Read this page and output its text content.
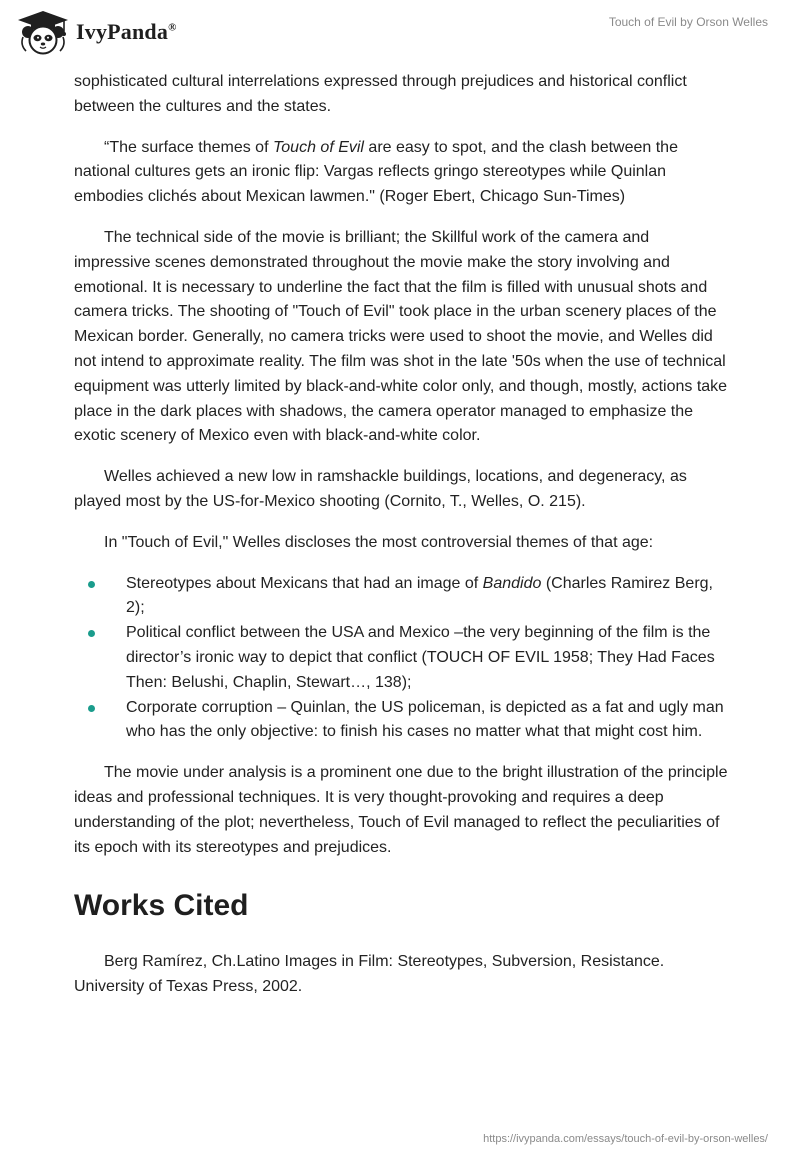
IvyPanda®	Touch of Evil by Orson Welles

sophisticated cultural interrelations expressed through prejudices and historical conflict between the cultures and the states.

“The surface themes of Touch of Evil are easy to spot, and the clash between the national cultures gets an ironic flip: Vargas reflects gringo stereotypes while Quinlan embodies clichés about Mexican lawmen." (Roger Ebert, Chicago Sun-Times)

The technical side of the movie is brilliant; the Skillful work of the camera and impressive scenes demonstrated throughout the movie make the story involving and emotional. It is necessary to underline the fact that the film is filled with unusual shots and camera tricks. The shooting of "Touch of Evil" took place in the urban scenery places of the Mexican border. Generally, no camera tricks were used to shoot the movie, and Welles did not intend to approximate reality. The film was shot in the late '50s when the use of technical equipment was utterly limited by black-and-white color only, and though, mostly, actions take place in the dark places with shadows, the camera operator managed to emphasize the exotic scenery of Mexico even with black-and-white color.

Welles achieved a new low in ramshackle buildings, locations, and degeneracy, as played most by the US-for-Mexico shooting (Cornito, T., Welles, O. 215).

In "Touch of Evil," Welles discloses the most controversial themes of that age:

Stereotypes about Mexicans that had an image of Bandido (Charles Ramirez Berg, 2);
Political conflict between the USA and Mexico –the very beginning of the film is the director’s ironic way to depict that conflict (TOUCH OF EVIL 1958; They Had Faces Then: Belushi, Chaplin, Stewart…, 138);
Corporate corruption – Quinlan, the US policeman, is depicted as a fat and ugly man who has the only objective: to finish his cases no matter what that might cost him.

The movie under analysis is a prominent one due to the bright illustration of the principle ideas and professional techniques. It is very thought-provoking and requires a deep understanding of the plot; nevertheless, Touch of Evil managed to reflect the peculiarities of its epoch with its stereotypes and prejudices.

Works Cited

Berg Ramírez, Ch.Latino Images in Film: Stereotypes, Subversion, Resistance. University of Texas Press, 2002.

https://ivypanda.com/essays/touch-of-evil-by-orson-welles/
